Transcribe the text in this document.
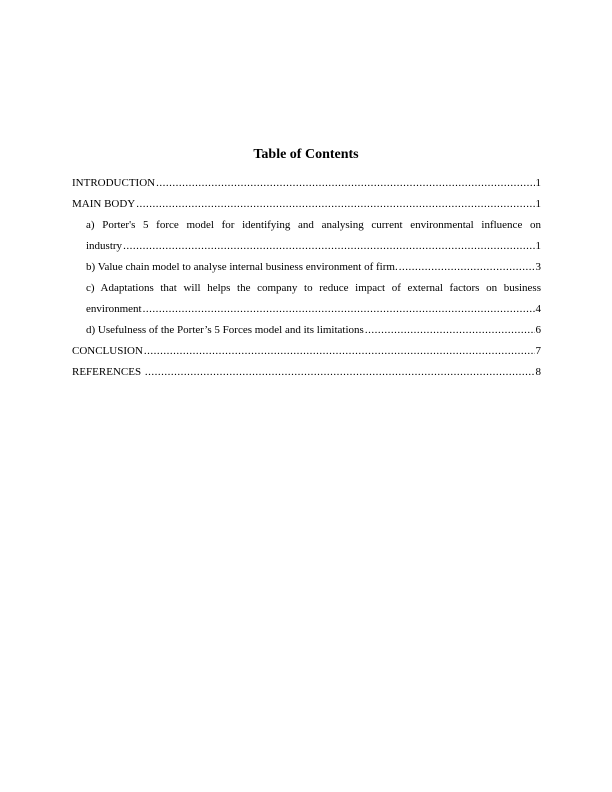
Table of Contents
INTRODUCTION .....	1
MAIN BODY .....	1
a) Porter's 5 force model for identifying and analysing current environmental influence on
industry .....	1
b) Value chain model to analyse internal business environment of firm. .....	3
c) Adaptations that will helps the company to reduce impact of external factors on business
environment .....	4
d) Usefulness of the Porter’s 5 Forces model and its limitations .....	6
CONCLUSION .....	7
REFERENCES .....	8
